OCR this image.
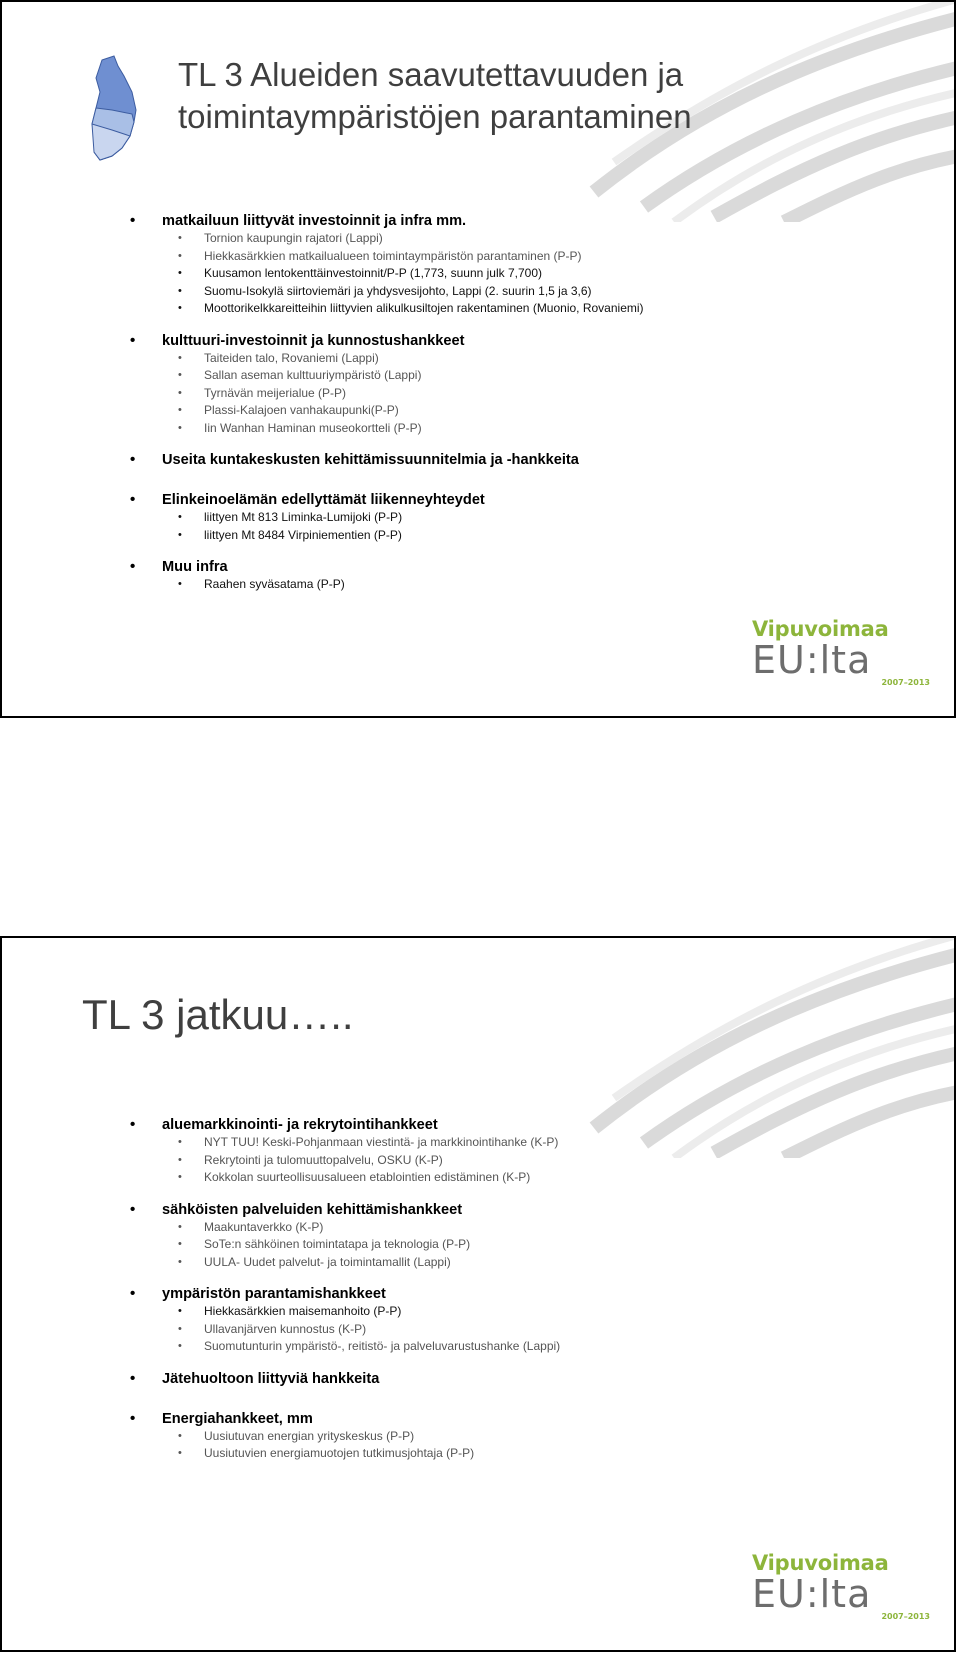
TL 3 Alueiden saavutettavuuden ja
toimintaympäristöjen parantaminen
• matkailuun liittyvät investoinnit ja infra mm.
• Tornion kaupungin rajatori (Lappi)
• Hiekkasärkkien matkailualueen toimintaympäristön parantaminen (P-P)
• Kuusamon lentokenttäinvestoinnit/P-P (1,773, suunn julk 7,700)
• Suomu-Isokylä siirtoviemäri ja yhdysvesijohto, Lappi (2. suurin 1,5 ja 3,6)
• Moottorikelkkareitteihin liittyvien alikulkusiltojen rakentaminen (Muonio, Rovaniemi)
• kulttuuri-investoinnit ja kunnostushankkeet
• Taiteiden talo, Rovaniemi (Lappi)
• Sallan aseman kulttuuriympäristö (Lappi)
• Tyrnävän meijerialue (P-P)
• Plassi-Kalajoen vanhakaupunki(P-P)
• Iin Wanhan Haminan museokortteli (P-P)
• Useita kuntakeskusten kehittämissuunnitelmia ja -hankkeita
• Elinkeinoelämän edellyttämät liikenneyhteydet
• liittyen Mt 813 Liminka-Lumijoki (P-P)
• liittyen Mt 8484 Virpiniementien (P-P)
• Muu infra
• Raahen syväsatama (P-P)
Vipuvoimaa
EU:lta
2007–2013
TL 3 jatkuu…..
• aluemarkkinointi- ja rekrytointihankkeet
• NYT TUU! Keski-Pohjanmaan viestintä- ja markkinointihanke (K-P)
• Rekrytointi ja tulomuuttopalvelu, OSKU (K-P)
• Kokkolan suurteollisuusalueen etablointien edistäminen (K-P)
• sähköisten palveluiden kehittämishankkeet
• Maakuntaverkko (K-P)
• SoTe:n sähköinen toimintatapa ja teknologia (P-P)
• UULA- Uudet palvelut- ja toimintamallit (Lappi)
• ympäristön parantamishankkeet
• Hiekkasärkkien maisemanhoito (P-P)
• Ullavanjärven kunnostus (K-P)
• Suomutunturin ympäristö-, reitistö- ja palveluvarustushanke (Lappi)
• Jätehuoltoon liittyviä hankkeita
• Energiahankkeet, mm
• Uusiutuvan energian yrityskeskus (P-P)
• Uusiutuvien energiamuotojen tutkimusjohtaja (P-P)
Vipuvoimaa
EU:lta
2007–2013
